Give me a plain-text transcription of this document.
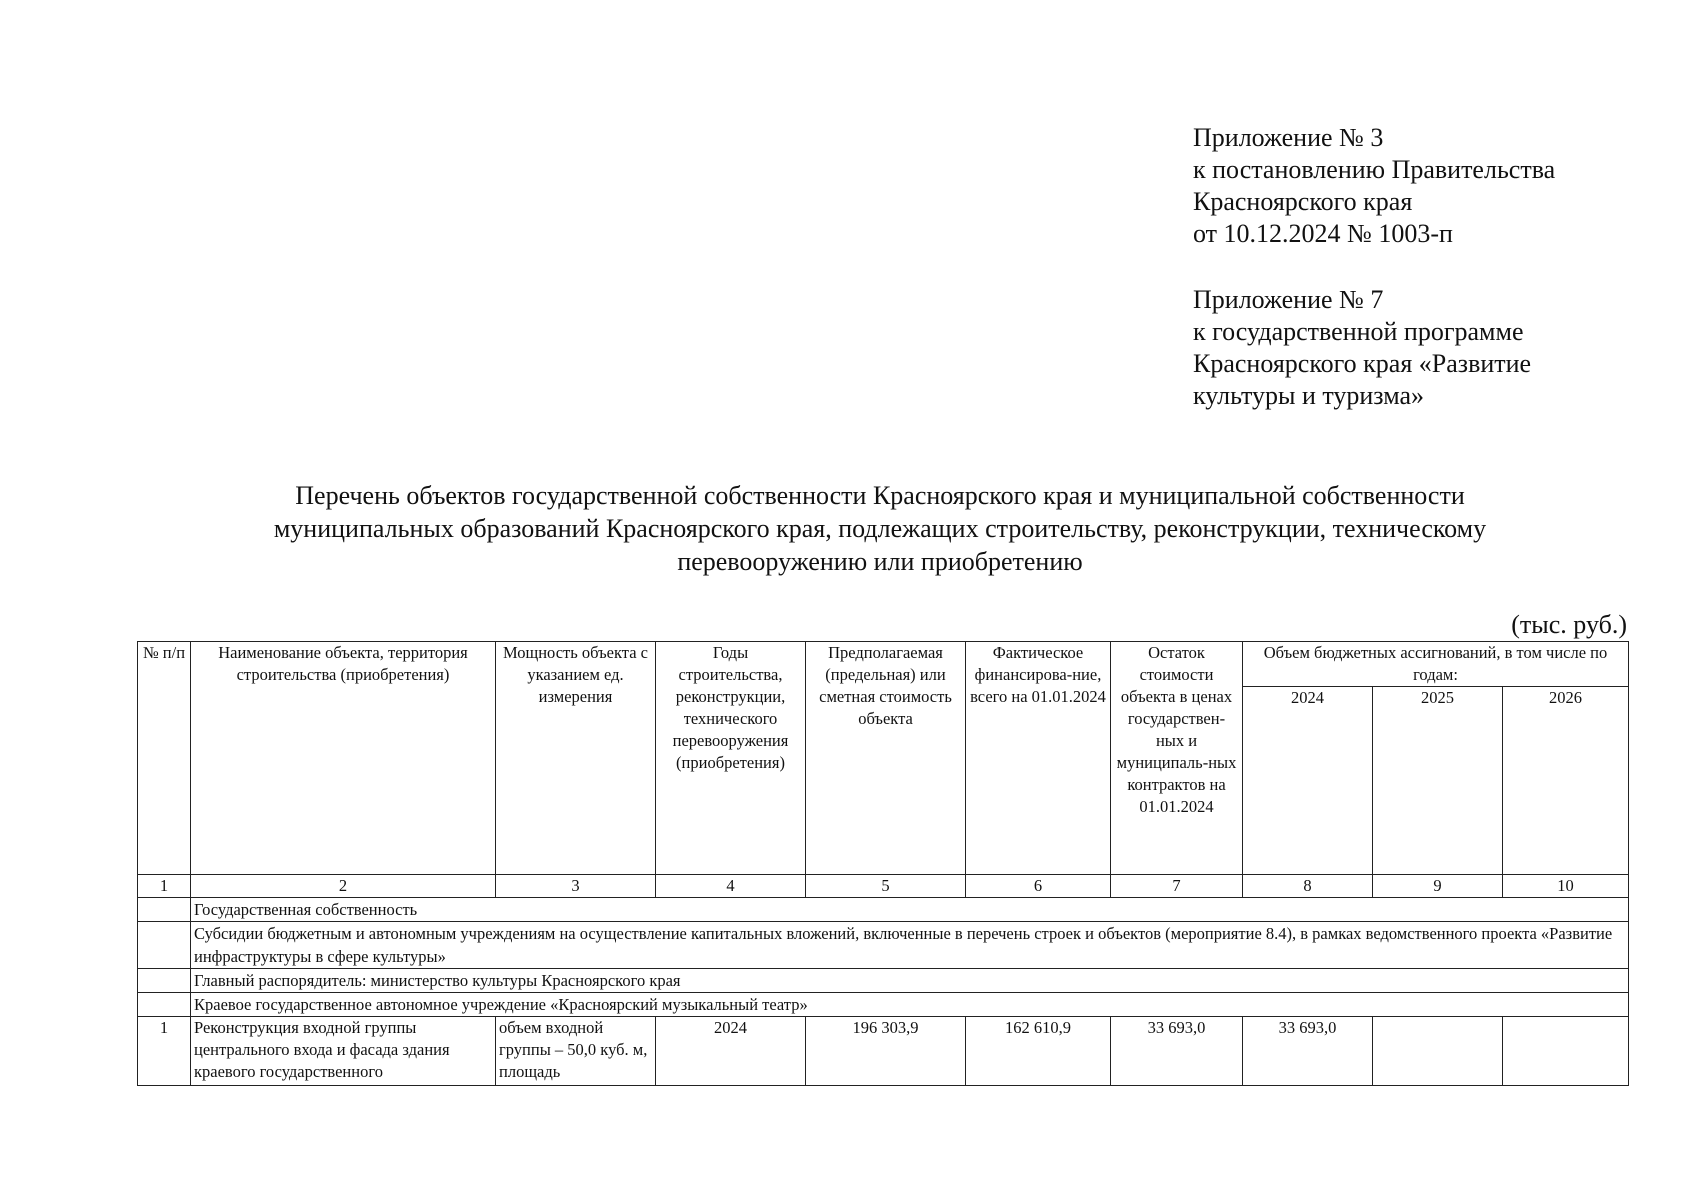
Приложение № 3
к постановлению Правительства
Красноярского края
от 10.12.2024 № 1003-п
Приложение № 7
к государственной программе
Красноярского края «Развитие
культуры и туризма»
Перечень объектов государственной собственности Красноярского края и муниципальной собственности
муниципальных образований Красноярского края, подлежащих строительству, реконструкции, техническому
перевооружению или приобретению
(тыс. руб.)
№ п/п	Наименование объекта, территория строительства (приобретения)	Мощность объекта с указанием ед. измерения	Годы строительства, реконструкции, технического перевооружения (приобретения)	Предполагаемая (предельная) или сметная стоимость объекта	Фактическое финансирова-ние, всего на 01.01.2024	Остаток стоимости объекта в ценах государствен-ных и муниципаль-ных контрактов на 01.01.2024	Объем бюджетных ассигнований, в том числе по годам:		
							2024	2025	2026
1	2	3	4	5	6	7	8	9	10
	Государственная собственность								
	Субсидии бюджетным и автономным учреждениям на осуществление капитальных вложений, включенные в перечень строек и объектов (мероприятие 8.4), в рамках ведомственного проекта «Развитие инфраструктуры в сфере культуры»								
	Главный распорядитель: министерство культуры Красноярского края								
	Краевое государственное автономное учреждение «Красноярский музыкальный театр»								
1	Реконструкция входной группы центрального входа и фасада здания краевого государственного	объем входной группы – 50,0 куб. м, площадь	2024	196 303,9	162 610,9	33 693,0	33 693,0		
